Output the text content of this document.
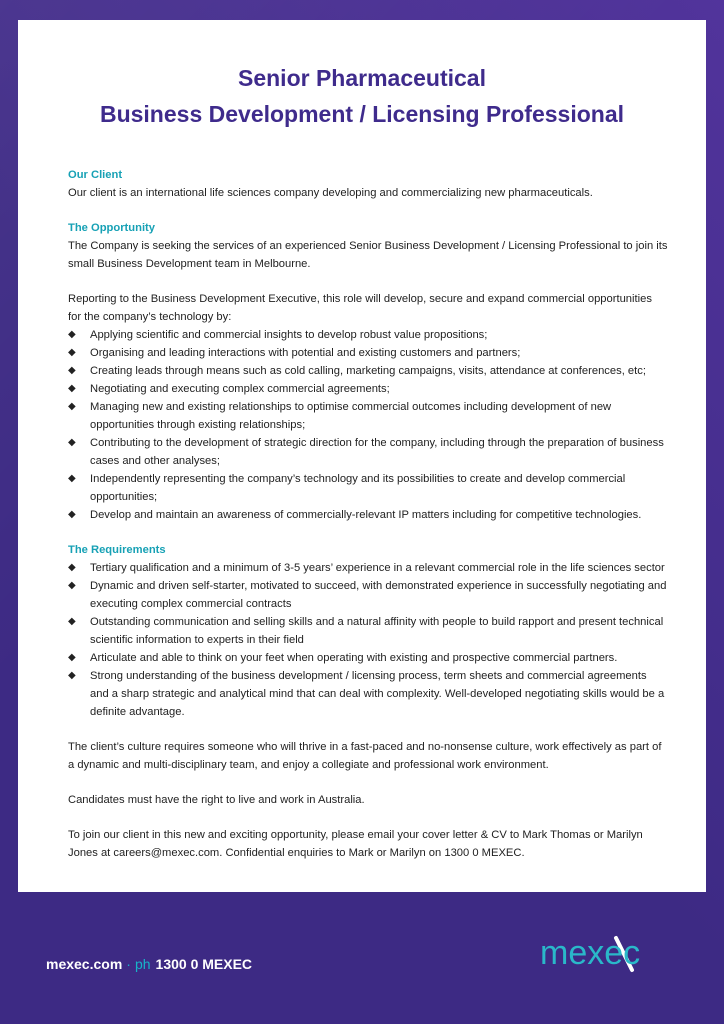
Senior Pharmaceutical
Business Development / Licensing Professional

Our Client

Our client is an international life sciences company developing and commercializing new pharmaceuticals.

The Opportunity

The Company is seeking the services of an experienced Senior Business Development / Licensing Professional to join its small Business Development team in Melbourne.

Reporting to the Business Development Executive, this role will develop, secure and expand commercial opportunities for the company’s technology by:

◆ Applying scientific and commercial insights to develop robust value propositions;
◆ Organising and leading interactions with potential and existing customers and partners;
◆ Creating leads through means such as cold calling, marketing campaigns, visits, attendance at conferences, etc;
◆ Negotiating and executing complex commercial agreements;
◆ Managing new and existing relationships to optimise commercial outcomes including development of new opportunities through existing relationships;
◆ Contributing to the development of strategic direction for the company, including through the preparation of business cases and other analyses;
◆ Independently representing the company’s technology and its possibilities to create and develop commercial opportunities;
◆ Develop and maintain an awareness of commercially-relevant IP matters including for competitive technologies.

The Requirements

◆ Tertiary qualification and a minimum of 3-5 years’ experience in a relevant commercial role in the life sciences sector
◆ Dynamic and driven self-starter, motivated to succeed, with demonstrated experience in successfully negotiating and executing complex commercial contracts
◆ Outstanding communication and selling skills and a natural affinity with people to build rapport and present technical scientific information to experts in their field
◆ Articulate and able to think on your feet when operating with existing and prospective commercial partners.
◆ Strong understanding of the business development / licensing process, term sheets and commercial agreements and a sharp strategic and analytical mind that can deal with complexity. Well-developed negotiating skills would be a definite advantage.

The client’s culture requires someone who will thrive in a fast-paced and no-nonsense culture, work effectively as part of a dynamic and multi-disciplinary team, and enjoy a collegiate and professional work environment.

Candidates must have the right to live and work in Australia.

To join our client in this new and exciting opportunity, please email your cover letter & CV to Mark Thomas or Marilyn Jones at careers@mexec.com. Confidential enquiries to Mark or Marilyn on 1300 0 MEXEC.

mexec.com · ph 1300 0 MEXEC	mexec
